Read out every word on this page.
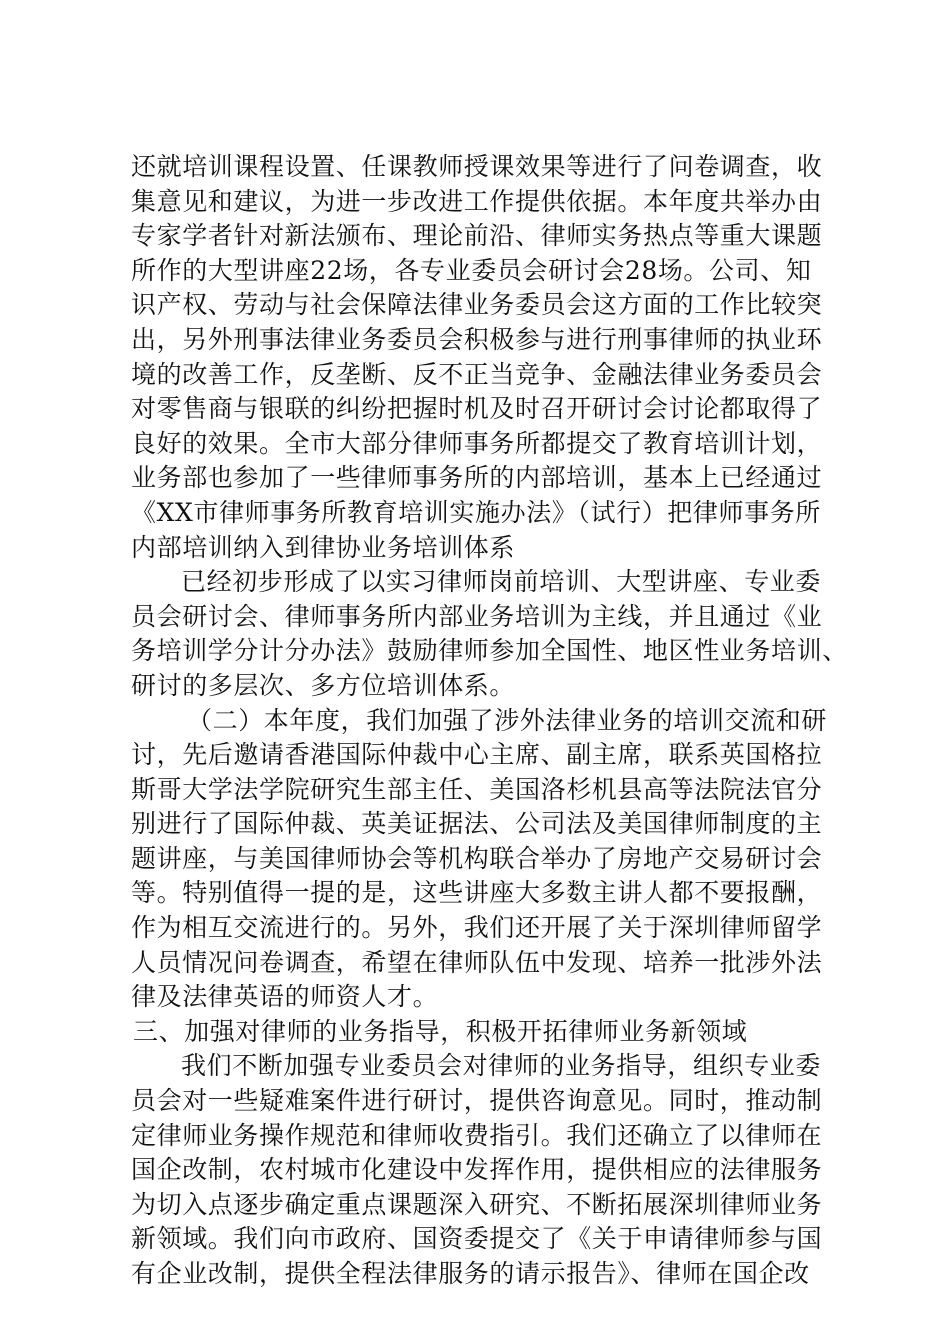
还就培训课程设置、任课教师授课效果等进行了问卷调查，收
集意见和建议，为进一步改进工作提供依据。本年度共举办由
专家学者针对新法颁布、理论前沿、律师实务热点等重大课题
所作的大型讲座22场，各专业委员会研讨会28场。公司、知
识产权、劳动与社会保障法律业务委员会这方面的工作比较突
出，另外刑事法律业务委员会积极参与进行刑事律师的执业环
境的改善工作，反垄断、反不正当竞争、金融法律业务委员会
对零售商与银联的纠纷把握时机及时召开研讨会讨论都取得了
良好的效果。全市大部分律师事务所都提交了教育培训计划，
业务部也参加了一些律师事务所的内部培训，基本上已经通过
《XX市律师事务所教育培训实施办法》（试行）把律师事务所
内部培训纳入到律协业务培训体系
已经初步形成了以实习律师岗前培训、大型讲座、专业委
员会研讨会、律师事务所内部业务培训为主线，并且通过《业
务培训学分计分办法》鼓励律师参加全国性、地区性业务培训、
研讨的多层次、多方位培训体系。
（二）本年度，我们加强了涉外法律业务的培训交流和研
讨，先后邀请香港国际仲裁中心主席、副主席，联系英国格拉
斯哥大学法学院研究生部主任、美国洛杉机县高等法院法官分
别进行了国际仲裁、英美证据法、公司法及美国律师制度的主
题讲座，与美国律师协会等机构联合举办了房地产交易研讨会
等。特别值得一提的是，这些讲座大多数主讲人都不要报酬，
作为相互交流进行的。另外，我们还开展了关于深圳律师留学
人员情况问卷调查，希望在律师队伍中发现、培养一批涉外法
律及法律英语的师资人才。
三、加强对律师的业务指导，积极开拓律师业务新领域
我们不断加强专业委员会对律师的业务指导，组织专业委
员会对一些疑难案件进行研讨，提供咨询意见。同时，推动制
定律师业务操作规范和律师收费指引。我们还确立了以律师在
国企改制，农村城市化建设中发挥作用，提供相应的法律服务
为切入点逐步确定重点课题深入研究、不断拓展深圳律师业务
新领域。我们向市政府、国资委提交了《关于申请律师参与国
有企业改制，提供全程法律服务的请示报告》、律师在国企改
